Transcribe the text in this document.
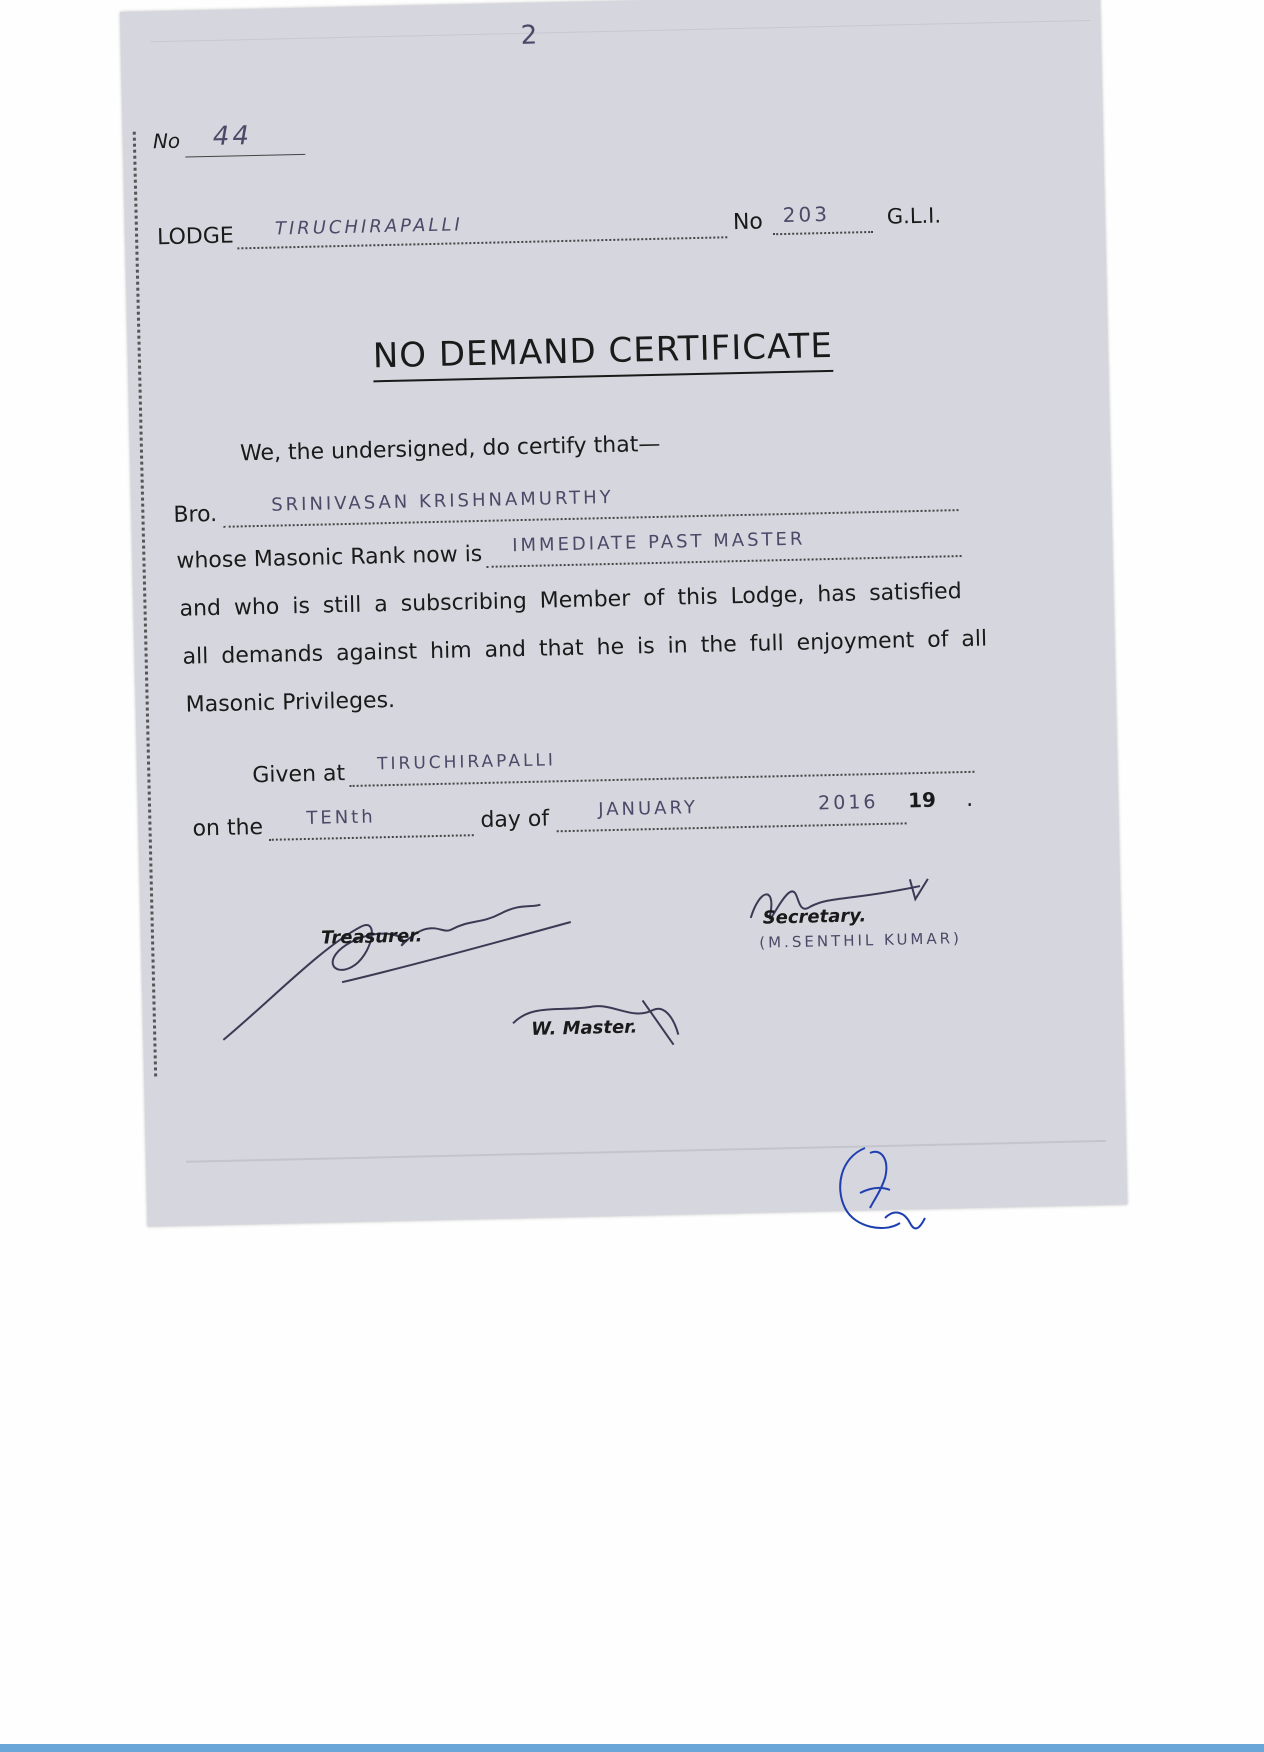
2
No 44
LODGE TIRUCHIRAPALLI	No 203	G.L.I.
NO DEMAND CERTIFICATE
We, the undersigned, do certify that—
Bro.	SRINIVASAN KRISHNAMURTHY
whose Masonic Rank now is IMMEDIATE PAST MASTER
and who is still a subscribing Member of this Lodge, has satisfied
all demands against him and that he is in the full enjoyment of all
Masonic Privileges.
Given at TIRUCHIRAPALLI
on the TENth	day of	JANUARY	2016 19 .
Treasurer.
Secretary.
(M.SENTHIL KUMAR)
W. Master.
